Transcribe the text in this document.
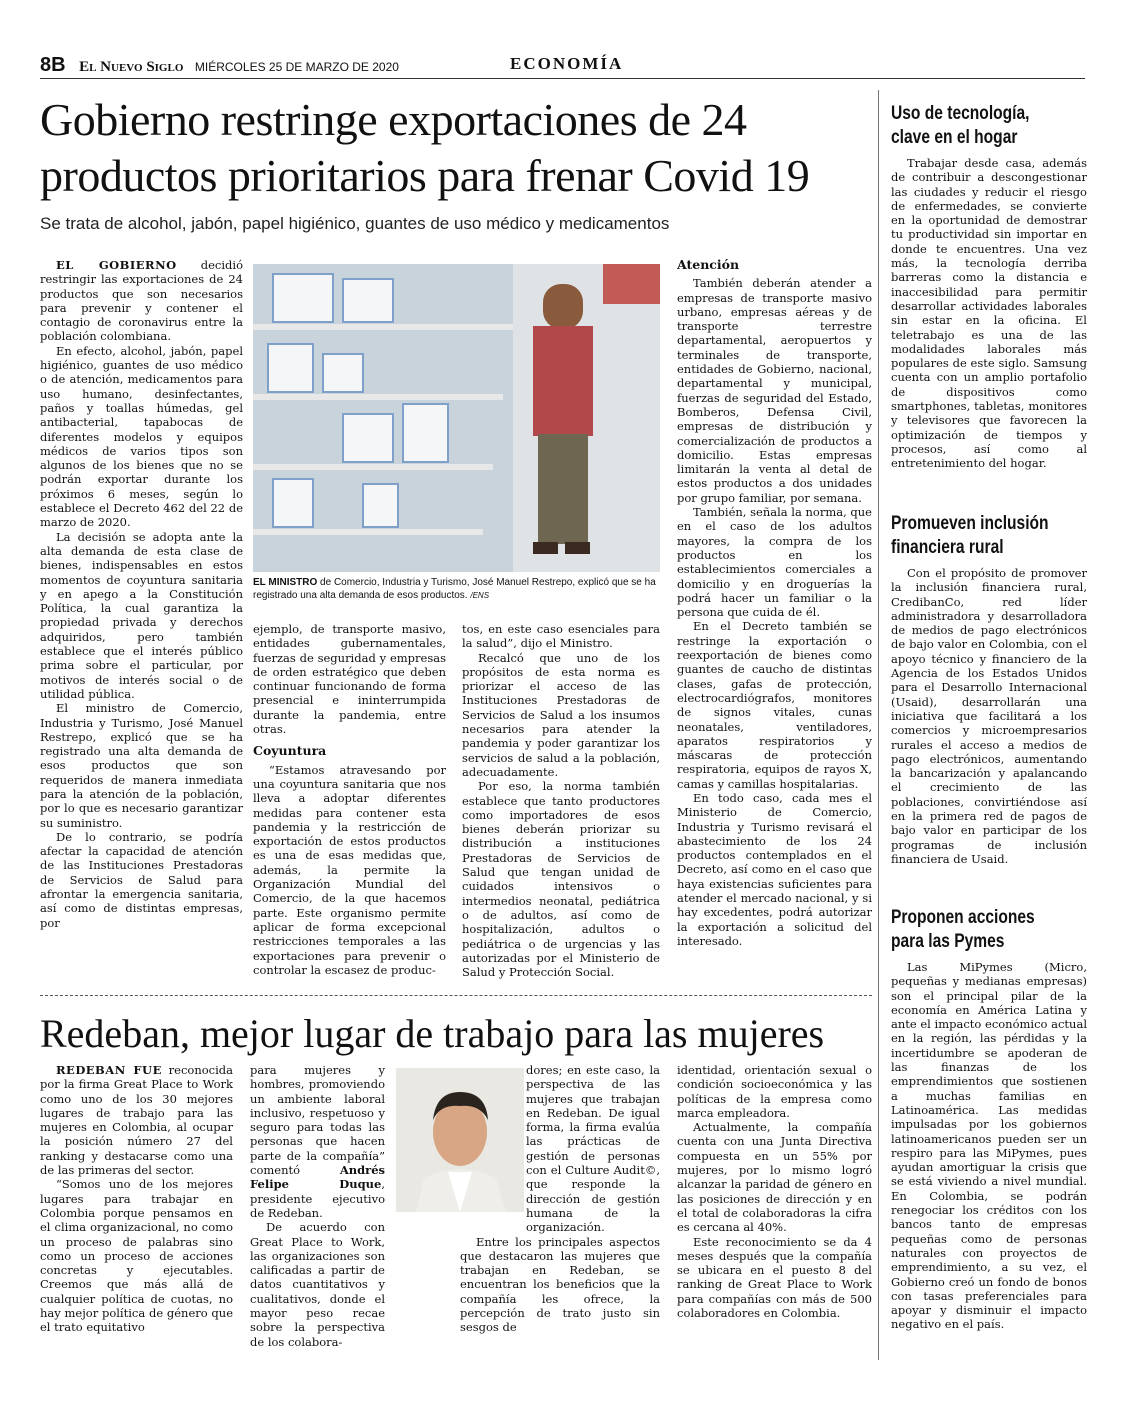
8B El Nuevo Siglo MIÉRCOLES 25 DE MARZO DE 2020	ECONOMÍA
Gobierno restringe exportaciones de 24 productos prioritarios para frenar Covid 19
Se trata de alcohol, jabón, papel higiénico, guantes de uso médico y medicamentos

EL GOBIERNO decidió restringir las exportaciones de 24 productos que son necesarios para prevenir y contener el contagio de coronavirus entre la población colombiana.

En efecto, alcohol, jabón, papel higiénico, guantes de uso médico o de atención, medicamentos para uso humano, desinfectantes, paños y toallas húmedas, gel antibacterial, tapabocas de diferentes modelos y equipos médicos de varios tipos son algunos de los bienes que no se podrán exportar durante los próximos 6 meses, según lo establece el Decreto 462 del 22 de marzo de 2020.

La decisión se adopta ante la alta demanda de esta clase de bienes, indispensables en estos momentos de coyuntura sanitaria y en apego a la Constitución Política, la cual garantiza la propiedad privada y derechos adquiridos, pero también establece que el interés público prima sobre el particular, por motivos de interés social o de utilidad pública.

El ministro de Comercio, Industria y Turismo, José Manuel Restrepo, explicó que se ha registrado una alta demanda de esos productos que son requeridos de manera inmediata para la atención de la población, por lo que es necesario garantizar su suministro.

De lo contrario, se podría afectar la capacidad de atención de las Instituciones Prestadoras de Servicios de Salud para afrontar la emergencia sanitaria, así como de distintas empresas, por

EL MINISTRO de Comercio, Industria y Turismo, José Manuel Restrepo, explicó que se ha registrado una alta demanda de esos productos. /ENS

ejemplo, de transporte masivo, entidades gubernamentales, fuerzas de seguridad y empresas de orden estratégico que deben continuar funcionando de forma presencial e ininterrumpida durante la pandemia, entre otras.

Coyuntura

“Estamos atravesando por una coyuntura sanitaria que nos lleva a adoptar diferentes medidas para contener esta pandemia y la restricción de exportación de estos productos es una de esas medidas que, además, la permite la Organización Mundial del Comercio, de la que hacemos parte. Este organismo permite aplicar de forma excepcional restricciones temporales a las exportaciones para prevenir o controlar la escasez de produc-

tos, en este caso esenciales para la salud”, dijo el Ministro.

Recalcó que uno de los propósitos de esta norma es priorizar el acceso de las Instituciones Prestadoras de Servicios de Salud a los insumos necesarios para atender la pandemia y poder garantizar los servicios de salud a la población, adecuadamente.

Por eso, la norma también establece que tanto productores como importadores de esos bienes deberán priorizar su distribución a instituciones Prestadoras de Servicios de Salud que tengan unidad de cuidados intensivos o intermedios neonatal, pediátrica o de adultos, así como de hospitalización, adultos o pediátrica o de urgencias y las autorizadas por el Ministerio de Salud y Protección Social.

Atención

También deberán atender a empresas de transporte masivo urbano, empresas aéreas y de transporte terrestre departamental, aeropuertos y terminales de transporte, entidades de Gobierno, nacional, departamental y municipal, fuerzas de seguridad del Estado, Bomberos, Defensa Civil, empresas de distribución y comercialización de productos a domicilio. Estas empresas limitarán la venta al detal de estos productos a dos unidades por grupo familiar, por semana.

También, señala la norma, que en el caso de los adultos mayores, la compra de los productos en los establecimientos comerciales a domicilio y en droguerías la podrá hacer un familiar o la persona que cuida de él.

En el Decreto también se restringe la exportación o reexportación de bienes como guantes de caucho de distintas clases, gafas de protección, electrocardiógrafos, monitores de signos vitales, cunas neonatales, ventiladores, aparatos respiratorios y máscaras de protección respiratoria, equipos de rayos X, camas y camillas hospitalarias.

En todo caso, cada mes el Ministerio de Comercio, Industria y Turismo revisará el abastecimiento de los 24 productos contemplados en el Decreto, así como en el caso que haya existencias suficientes para atender el mercado nacional, y si hay excedentes, podrá autorizar la exportación a solicitud del interesado.

Redeban, mejor lugar de trabajo para las mujeres

REDEBAN FUE reconocida por la firma Great Place to Work como uno de los 30 mejores lugares de trabajo para las mujeres en Colombia, al ocupar la posición número 27 del ranking y destacarse como una de las primeras del sector.

“Somos uno de los mejores lugares para trabajar en Colombia porque pensamos en el clima organizacional, no como un proceso de palabras sino como un proceso de acciones concretas y ejecutables. Creemos que más allá de cualquier política de cuotas, no hay mejor política de género que el trato equitativo

para mujeres y hombres, promoviendo un ambiente laboral inclusivo, respetuoso y seguro para todas las personas que hacen parte de la compañía” comentó Andrés Felipe Duque, presidente ejecutivo de Redeban.

De acuerdo con Great Place to Work, las organizaciones son calificadas a partir de datos cuantitativos y cualitativos, donde el mayor peso recae sobre la perspectiva de los colabora-

dores; en este caso, la perspectiva de las mujeres que trabajan en Redeban. De igual forma, la firma evalúa las prácticas de gestión de personas con el Culture Audit©, que responde la dirección de gestión humana de la organización.

Entre los principales aspectos que destacaron las mujeres que trabajan en Redeban, se encuentran los beneficios que la compañía les ofrece, la percepción de trato justo sin sesgos de

identidad, orientación sexual o condición socioeconómica y las políticas de la empresa como marca empleadora.

Actualmente, la compañía cuenta con una Junta Directiva compuesta en un 55% por mujeres, por lo mismo logró alcanzar la paridad de género en las posiciones de dirección y en el total de colaboradoras la cifra es cercana al 40%.

Este reconocimiento se da 4 meses después que la compañía se ubicara en el puesto 8 del ranking de Great Place to Work para compañías con más de 500 colaboradores en Colombia.

Uso de tecnología, clave en el hogar

Trabajar desde casa, además de contribuir a descongestionar las ciudades y reducir el riesgo de enfermedades, se convierte en la oportunidad de demostrar tu productividad sin importar en donde te encuentres. Una vez más, la tecnología derriba barreras como la distancia e inaccesibilidad para permitir desarrollar actividades laborales sin estar en la oficina. El teletrabajo es una de las modalidades laborales más populares de este siglo. Samsung cuenta con un amplio portafolio de dispositivos como smartphones, tabletas, monitores y televisores que favorecen la optimización de tiempos y procesos, así como al entretenimiento del hogar.

Promueven inclusión financiera rural

Con el propósito de promover la inclusión financiera rural, CredibanCo, red líder administradora y desarrolladora de medios de pago electrónicos de bajo valor en Colombia, con el apoyo técnico y financiero de la Agencia de los Estados Unidos para el Desarrollo Internacional (Usaid), desarrollarán una iniciativa que facilitará a los comercios y microempresarios rurales el acceso a medios de pago electrónicos, aumentando la bancarización y apalancando el crecimiento de las poblaciones, convirtiéndose así en la primera red de pagos de bajo valor en participar de los programas de inclusión financiera de Usaid.

Proponen acciones para las Pymes

Las MiPymes (Micro, pequeñas y medianas empresas) son el principal pilar de la economía en América Latina y ante el impacto económico actual en la región, las pérdidas y la incertidumbre se apoderan de las finanzas de los emprendimientos que sostienen a muchas familias en Latinoamérica. Las medidas impulsadas por los gobiernos latinoamericanos pueden ser un respiro para las MiPymes, pues ayudan amortiguar la crisis que se está viviendo a nivel mundial. En Colombia, se podrán renegociar los créditos con los bancos tanto de empresas pequeñas como de personas naturales con proyectos de emprendimiento, a su vez, el Gobierno creó un fondo de bonos con tasas preferenciales para apoyar y disminuir el impacto negativo en el país.
